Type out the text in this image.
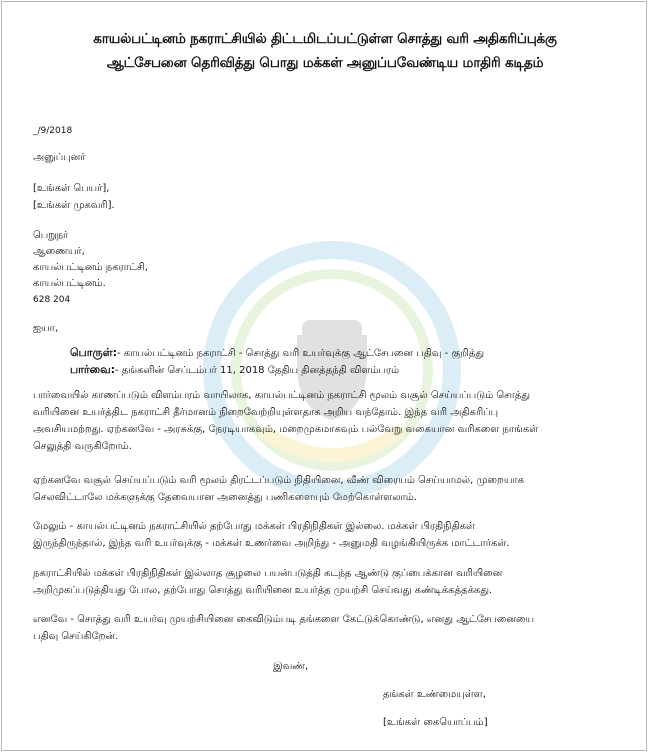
காயல்பட்டினம் நகராட்சியில் திட்டமிடப்பட்டுள்ள சொத்து வரி அதிகரிப்புக்கு
ஆட்சேபனை தெரிவித்து பொது மக்கள் அனுப்பவேண்டிய மாதிரி கடிதம்
_/9/2018
அனுப்புனர்
[உங்கள் பெயர்],
[உங்கள் முகவரி].
பெறுநர்
ஆணையர்,
காயல்பட்டினம் நகராட்சி,
காயல்பட்டினம்.
628 204
ஐயா,
பொருள்:- காயல்பட்டினம் நகராட்சி - சொத்து வரி உயர்வுக்கு ஆட்சேபனை பதிவு - குறித்து
பார்வை:- தங்களின் செப்டம்பர் 11, 2018 தேதிய தினத்தந்தி விளம்பரம்
பார்வையில் காணப்படும் விளம்பரம் வாயிலாக, காயல்பட்டினம் நகராட்சி மூலம் வசூல் செய்யப்படும் சொத்து
வரியினை உயர்த்திட நகராட்சி தீர்மானம் நிறைவேற்றியுள்ளதாக அறிய வந்தோம். இந்த வரி அதிகரிப்பு
அவசியமற்றது. ஏற்கனவே - அரசுக்கு, நேரடியாகவும், மறைமுகமாகவும் பல்வேறு வகையான வரிகளை நாங்கள்
செலுத்தி வருகிறோம்.
ஏற்கனவே வசூல் செய்யப்படும் வரி மூலம் திரட்டப்படும் நிதியினை, வீண் விரையம் செய்யாமல், முறையாக
செலவிட்டாலே மக்களுக்கு தேவையான அனைத்து பணிகளையும் மேற்கொள்ளலாம்.
மேலும் - காயல்பட்டினம் நகராட்சியில் தற்போது மக்கள் பிரதிநிதிகள் இல்லை. மக்கள் பிரதிநிதிகள்
இருந்திருந்தால், இந்த வரி உயர்வுக்கு - மக்கள் உணர்வை அறிந்து - அனுமதி வழங்கியிருக்க மாட்டார்கள்.
நகராட்சியில் மக்கள் பிரதிநிதிகள் இல்லாத சூழலை பயன்படுத்தி கடந்த ஆண்டு குப்பைக்கான வரியினை
அறிமுகப்படுத்தியது போல, தற்போது சொத்து வரியினை உயர்த்த முயற்சி செய்வது கண்டிக்கத்தக்கது.
எனவே - சொத்து வரி உயர்வு முயற்சியினை கைவிடும்படி தங்களை கேட்டுக்கொண்டு, எனது ஆட்சேபனையை
பதிவு செய்கிறேன்.
இவண்,
தங்கள் உண்மையுள்ள,
[உங்கள் கையொப்பம்]
